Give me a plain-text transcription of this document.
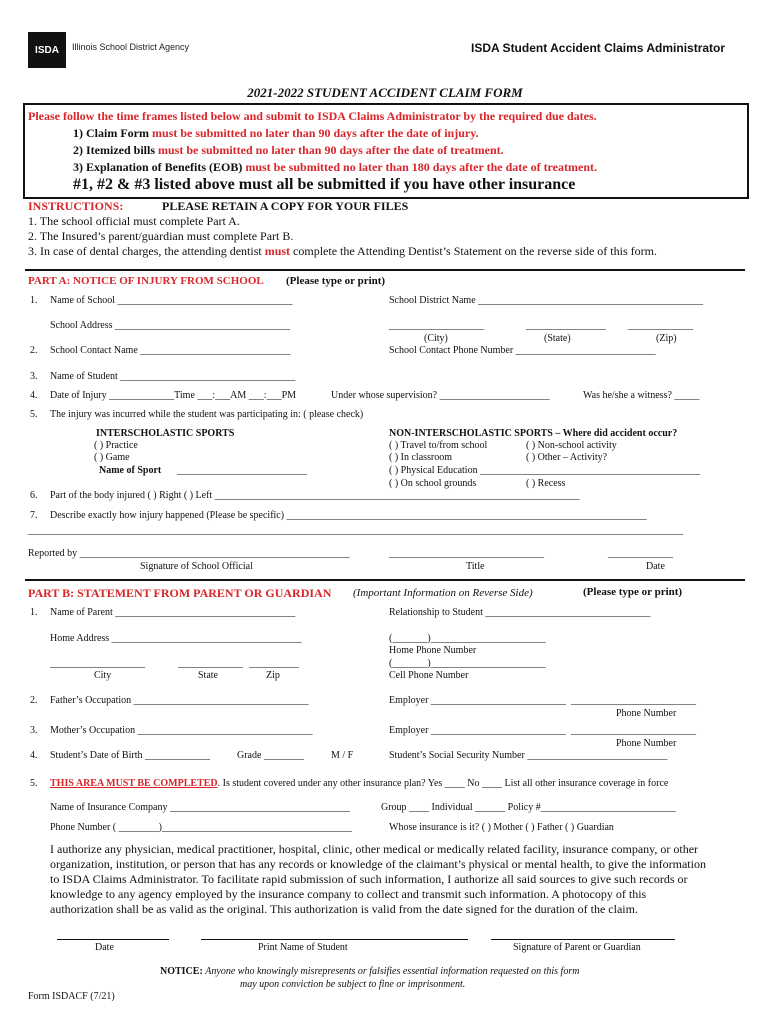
ISDA Illinois School District Agency	ISDA Student Accident Claims Administrator
2021-2022 STUDENT ACCIDENT CLAIM FORM
Please follow the time frames listed below and submit to ISDA Claims Administrator by the required due dates.
1) Claim Form must be submitted no later than 90 days after the date of injury.
2) Itemized bills must be submitted no later than 90 days after the date of treatment.
3) Explanation of Benefits (EOB) must be submitted no later than 180 days after the date of treatment.
#1, #2 & #3 listed above must all be submitted if you have other insurance
INSTRUCTIONS:	PLEASE RETAIN A COPY FOR YOUR FILES
1. The school official must complete Part A.
2. The Insured’s parent/guardian must complete Part B.
3. In case of dental charges, the attending dentist must complete the Attending Dentist’s Statement on the reverse side of this form.
PART A: NOTICE OF INJURY FROM SCHOOL (Please type or print)
1. Name of School ___________________________________	School District Name _____________________________________________
School Address ___________________________________	___________________	________________ _____________
(City)	(State)	(Zip)
2. School Contact Name ______________________________	School Contact Phone Number ____________________________
3. Name of Student ___________________________________
4. Date of Injury _____________Time ___:___AM ___:___PM	Under whose supervision? ______________________	Was he/she a witness? _____
5. The injury was incurred while the student was participating in: ( please check)
INTERSCHOLASTIC SPORTS
( ) Practice
( ) Game
Name of Sport __________________________
NON-INTERSCHOLASTIC SPORTS – Where did accident occur?
( ) Travel to/from school
( ) In classroom
( ) Physical Education ____________________________________________
( ) On school grounds
( ) Non-school activity
( ) Other – Activity?
( ) Recess
6. Part of the body injured ( ) Right ( ) Left _________________________________________________________________________
7. Describe exactly how injury happened (Please be specific) ________________________________________________________________________
___________________________________________________________________________________________________________________________________
Reported by ______________________________________________________	_______________________________	_____________
Signature of School Official	Title	Date
PART B: STATEMENT FROM PARENT OR GUARDIAN (Important Information on Reverse Side)	(Please type or print)
1. Name of Parent ____________________________________	Relationship to Student _________________________________
Home Address ______________________________________	(_______)_______________________
Home Phone Number
(_______)_______________________
Cell Phone Number
___________________	_____________ __________
City	State	Zip
2. Father’s Occupation ___________________________________	Employer ___________________________ _________________________
Phone Number
3. Mother’s Occupation ___________________________________	Employer ___________________________ _________________________
Phone Number
4. Student’s Date of Birth _____________	Grade ________	M / F	Student’s Social Security Number ____________________________
5. THIS AREA MUST BE COMPLETED. Is student covered under any other insurance plan? Yes ____ No ____ List all other insurance coverage in force
Name of Insurance Company ____________________________________	Group ____ Individual ______ Policy #___________________________
Phone Number ( ________)______________________________________	Whose insurance is it? ( ) Mother ( ) Father ( ) Guardian
I authorize any physician, medical practitioner, hospital, clinic, other medical or medically related facility, insurance company, or other
organization, institution, or person that has any records or knowledge of the claimant’s physical or mental health, to give the information
to ISDA Claims Administrator. To facilitate rapid submission of such information, I authorize all said sources to give such records or
knowledge to any agency employed by the insurance company to collect and transmit such information. A photocopy of this
authorization shall be as valid as the original. This authorization is valid from the date signed for the duration of the claim.
Date	Print Name of Student	Signature of Parent or Guardian
NOTICE: Anyone who knowingly misrepresents or falsifies essential information requested on this form
may upon conviction be subject to fine or imprisonment.
Form ISDACF (7/21)
